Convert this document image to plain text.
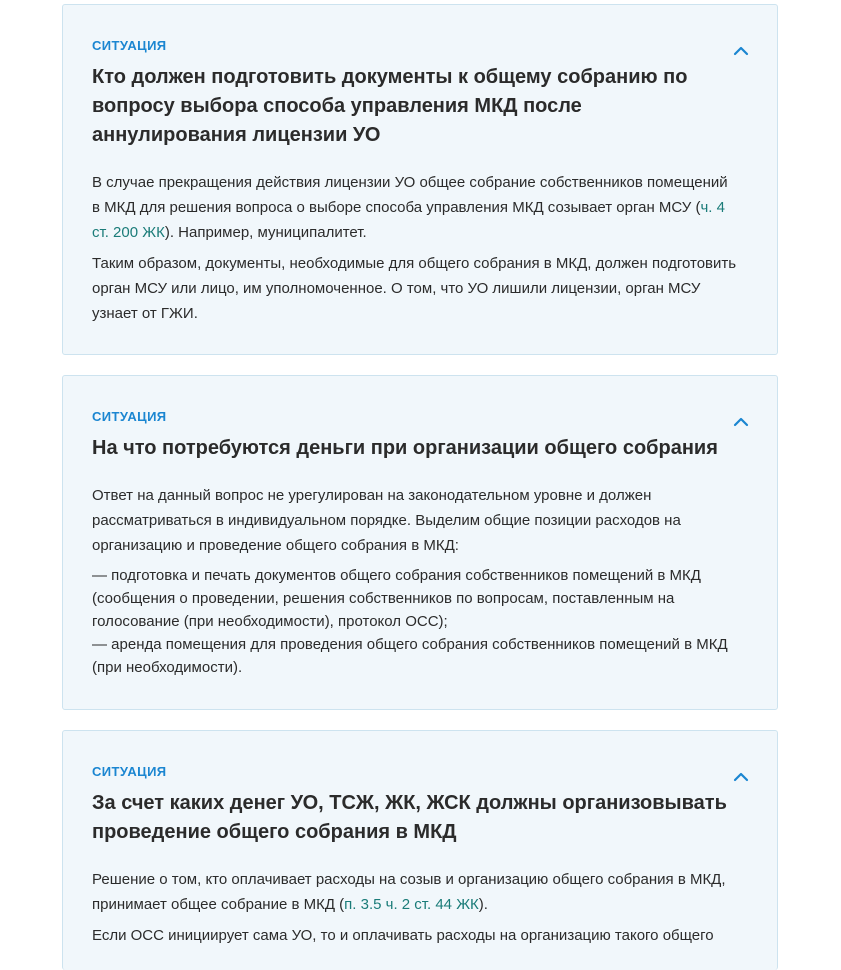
СИТУАЦИЯ
Кто должен подготовить документы к общему собранию по вопросу выбора способа управления МКД после аннулирования лицензии УО

В случае прекращения действия лицензии УО общее собрание собственников помещений в МКД для решения вопроса о выборе способа управления МКД созывает орган МСУ (ч. 4 ст. 200 ЖК). Например, муниципалитет.

Таким образом, документы, необходимые для общего собрания в МКД, должен подготовить орган МСУ или лицо, им уполномоченное. О том, что УО лишили лицензии, орган МСУ узнает от ГЖИ.

СИТУАЦИЯ
На что потребуются деньги при организации общего собрания

Ответ на данный вопрос не урегулирован на законодательном уровне и должен рассматриваться в индивидуальном порядке. Выделим общие позиции расходов на организацию и проведение общего собрания в МКД:

— подготовка и печать документов общего собрания собственников помещений в МКД (сообщения о проведении, решения собственников по вопросам, поставленным на голосование (при необходимости), протокол ОСС);

— аренда помещения для проведения общего собрания собственников помещений в МКД (при необходимости).

СИТУАЦИЯ
За счет каких денег УО, ТСЖ, ЖК, ЖСК должны организовывать проведение общего собрания в МКД

Решение о том, кто оплачивает расходы на созыв и организацию общего собрания в МКД, принимает общее собрание в МКД (п. 3.5 ч. 2 ст. 44 ЖК).

Если ОСС инициирует сама УО, то и оплачивать расходы на организацию такого общего
